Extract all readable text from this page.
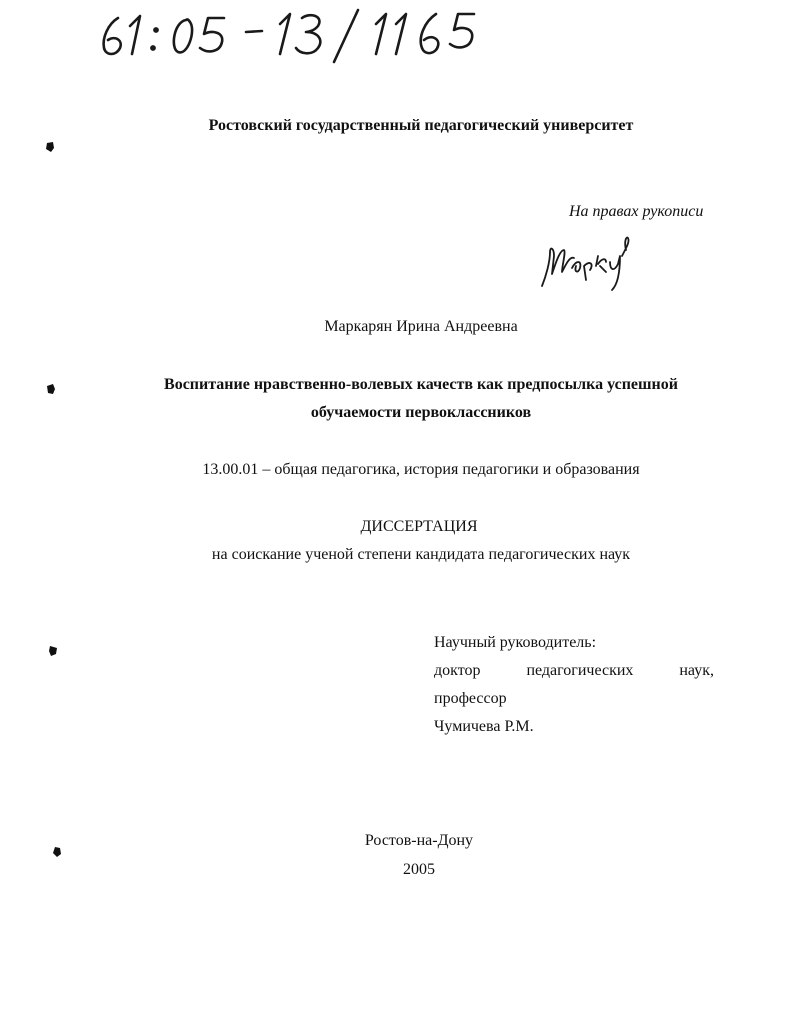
Ростовский государственный педагогический университет
На правах рукописи
Маркарян Ирина Андреевна
Воспитание нравственно-волевых качеств как предпосылка успешной
обучаемости первоклассников
13.00.01 – общая педагогика, история педагогики и образования
ДИССЕРТАЦИЯ
на соискание ученой степени кандидата педагогических наук
Научный руководитель:
доктор	педагогических	наук,
профессор
Чумичева Р.М.
Ростов-на-Дону
2005
